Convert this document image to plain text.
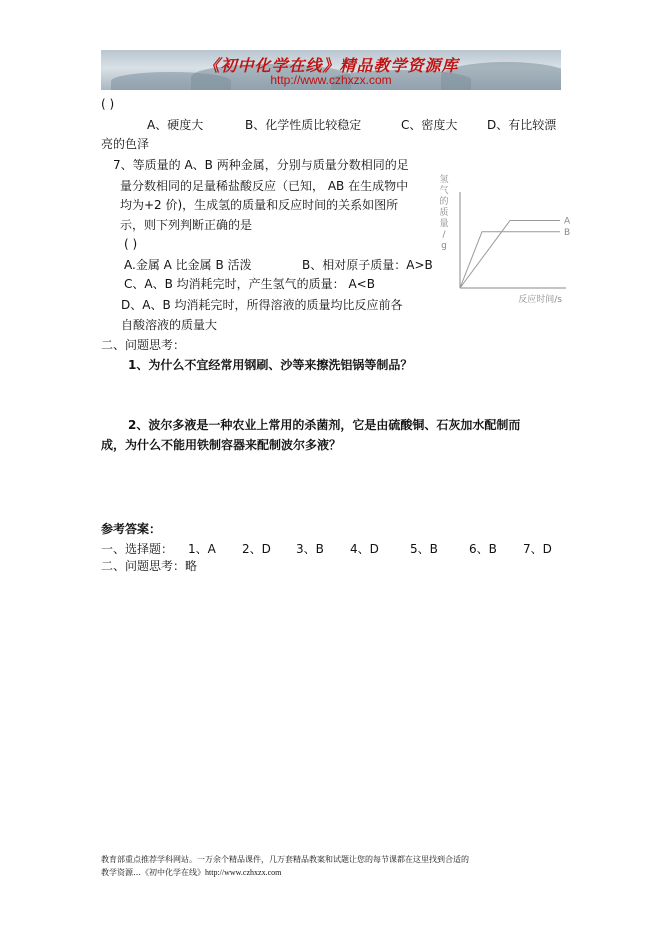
《初中化学在线》精品教学资源库
http://www.czhxzx.com
( )
A、硬度大	B、化学性质比较稳定	C、密度大 D、有比较漂
亮的色泽
7、等质量的 A、B 两种金属，分别与质量分数相同的足
量分数相同的足量稀盐酸反应（已知， AB 在生成物中
均为+2 价)，生成氢的质量和反应时间的关系如图所
示，则下列判断正确的是
( )
A.金属 A 比金属 B 活泼	B、相对原子质量：A>B
C、A、B 均消耗完时，产生氢气的质量： A<B
D、A、B 均消耗完时，所得溶液的质量均比反应前各
自酸溶液的质量大
氢
气
的
质
量
/
g
反应时间/s
A
B
二、问题思考：
1、为什么不宜经常用钢刷、沙等来擦洗铝锅等制品？
2、波尔多液是一种农业上常用的杀菌剂，它是由硫酸铜、石灰加水配制而
成，为什么不能用铁制容器来配制波尔多液？
参考答案：
一、选择题： 1、A 2、D 3、B 4、D	5、B	6、B 7、D
二、问题思考：略
教育部重点推荐学科网站。一万余个精品课件，几万套精品教案和试题让您的每节课都在这里找到合适的
教学资源…《初中化学在线》http://www.czhxzx.com
